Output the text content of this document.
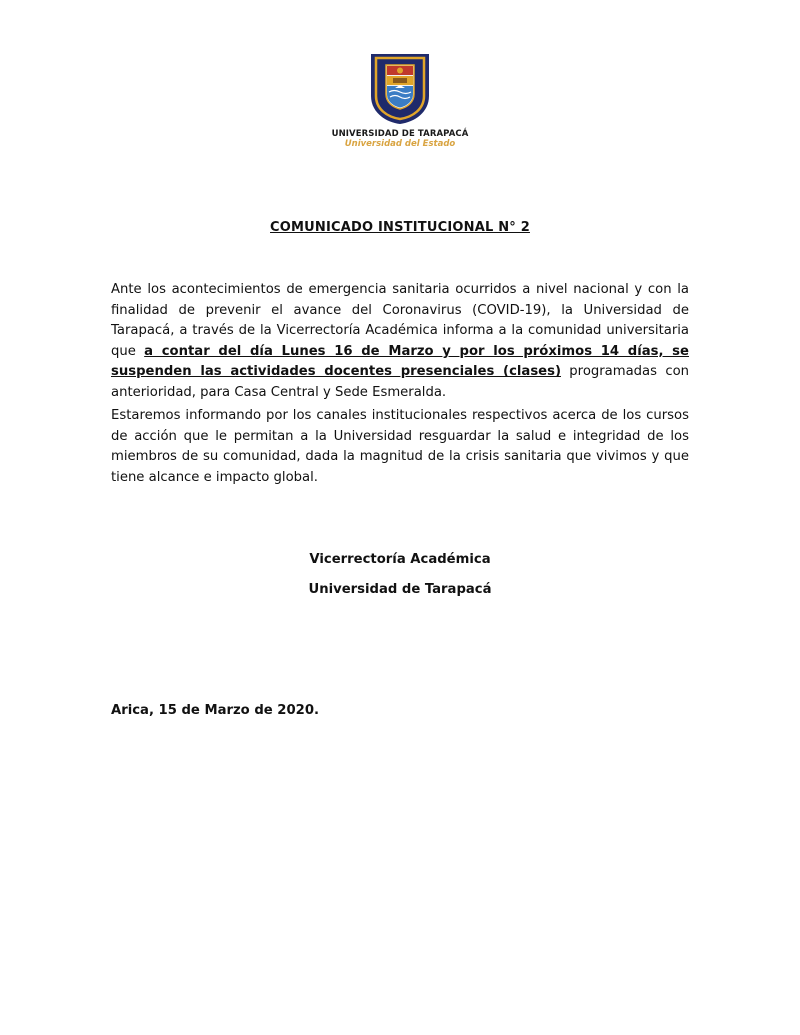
UNIVERSIDAD DE TARAPACÁ
Universidad del Estado
COMUNICADO INSTITUCIONAL N° 2

Ante los acontecimientos de emergencia sanitaria ocurridos a nivel nacional y con la finalidad de prevenir el avance del Coronavirus (COVID-19), la Universidad de Tarapacá, a través de la Vicerrectoría Académica informa a la comunidad universitaria que a contar del día Lunes 16 de Marzo y por los próximos 14 días, se suspenden las actividades docentes presenciales (clases) programadas con anterioridad, para Casa Central y Sede Esmeralda.

Estaremos informando por los canales institucionales respectivos acerca de los cursos de acción que le permitan a la Universidad resguardar la salud e integridad de los miembros de su comunidad, dada la magnitud de la crisis sanitaria que vivimos y que tiene alcance e impacto global.

Vicerrectoría Académica
Universidad de Tarapacá
Arica, 15 de Marzo de 2020.
